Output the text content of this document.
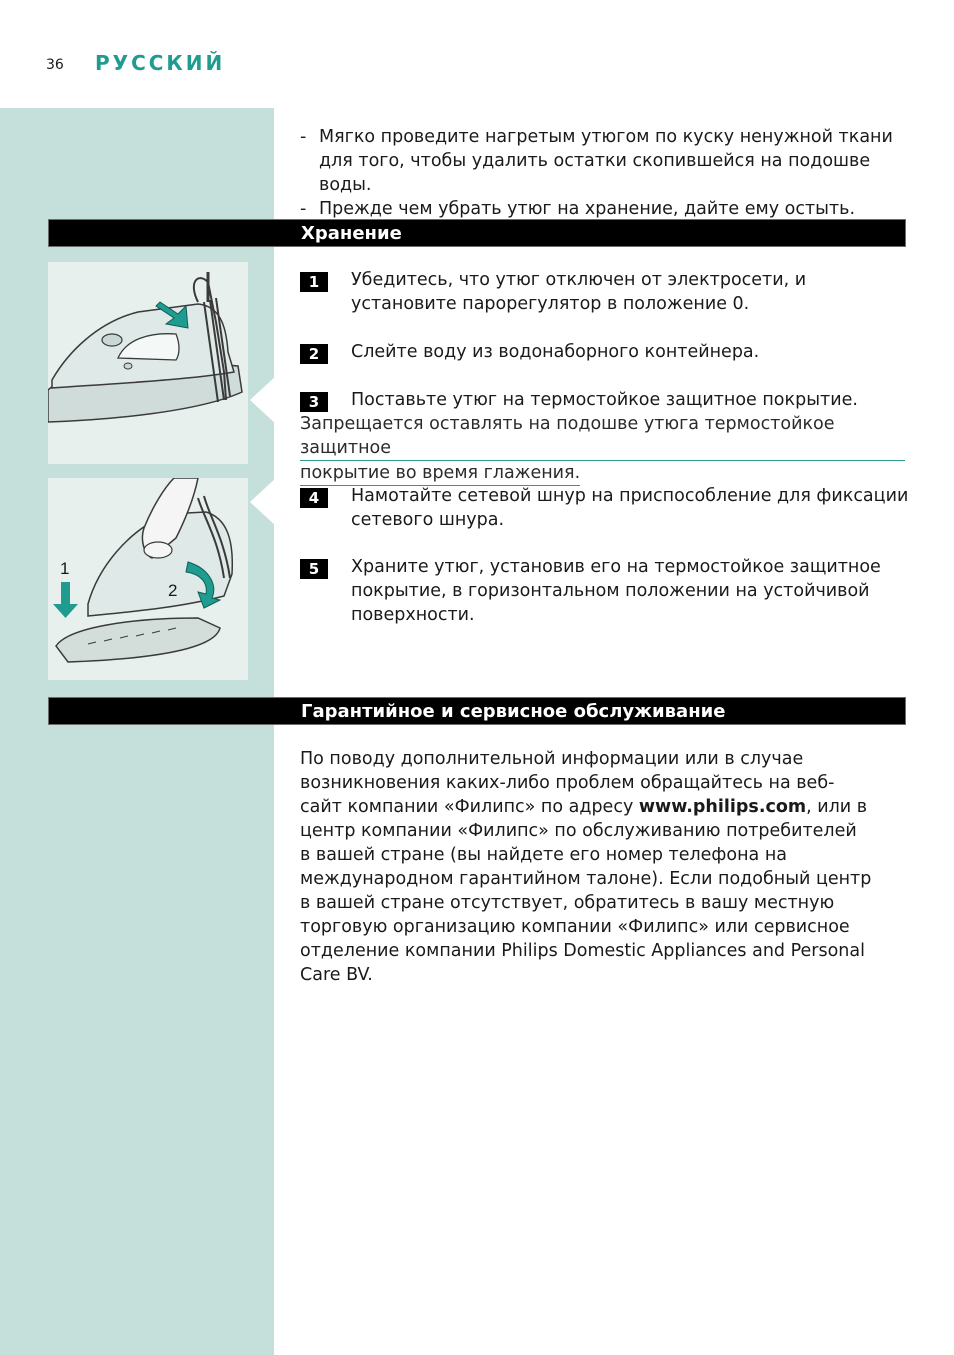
36 РУССКИЙ
- Мягко проведите нагретым утюгом по куску ненужной ткани для того, чтобы удалить остатки скопившейся на подошве воды.
- Прежде чем убрать утюг на хранение, дайте ему остыть.
Хранение
1
2
1	Убедитесь, что утюг отключен от электросети, и установите парорегулятор в положение 0.
2	Слейте воду из водонаборного контейнера.
3	Поставьте утюг на термостойкое защитное покрытие.
Запрещается оставлять на подошве утюга термостойкое защитное
покрытие во время глажения.
4	Намотайте сетевой шнур на приспособление для фиксации сетевого шнура.
5	Храните утюг, установив его на термостойкое защитное покрытие, в горизонтальном положении на устойчивой поверхности.
Гарантийное и сервисное обслуживание
По поводу дополнительной информации или в случае возникновения каких-либо проблем обращайтесь на веб-сайт компании «Филипс» по адресу www.philips.com, или в центр компании «Филипс» по обслуживанию потребителей в вашей стране (вы найдете его номер телефона на международном гарантийном талоне). Если подобный центр в вашей стране отсутствует, обратитесь в вашу местную торговую организацию компании «Филипс» или сервисное отделение компании Philips Domestic Appliances and Personal Care BV.
